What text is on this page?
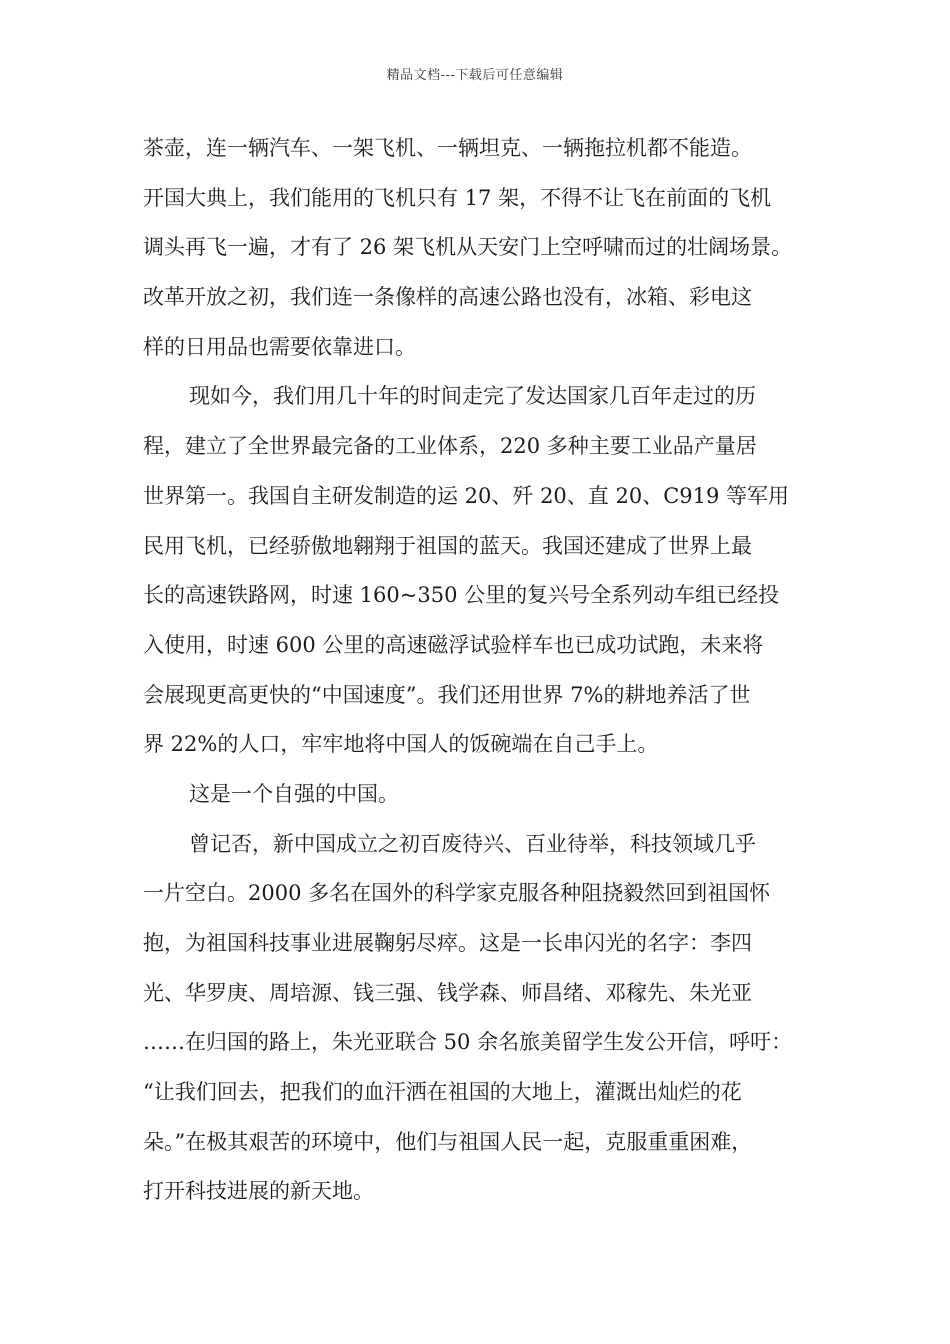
精品文档---下载后可任意编辑
茶壶，连一辆汽车、一架飞机、一辆坦克、一辆拖拉机都不能造。
开国大典上，我们能用的飞机只有 17 架，不得不让飞在前面的飞机
调头再飞一遍，才有了 26 架飞机从天安门上空呼啸而过的壮阔场景。
改革开放之初，我们连一条像样的高速公路也没有，冰箱、彩电这
样的日用品也需要依靠进口。
现如今，我们用几十年的时间走完了发达国家几百年走过的历
程，建立了全世界最完备的工业体系，220 多种主要工业品产量居
世界第一。我国自主研发制造的运 20、歼 20、直 20、C919 等军用
民用飞机，已经骄傲地翱翔于祖国的蓝天。我国还建成了世界上最
长的高速铁路网，时速 160~350 公里的复兴号全系列动车组已经投
入使用，时速 600 公里的高速磁浮试验样车也已成功试跑，未来将
会展现更高更快的“中国速度”。我们还用世界 7%的耕地养活了世
界 22%的人口，牢牢地将中国人的饭碗端在自己手上。
这是一个自强的中国。
曾记否，新中国成立之初百废待兴、百业待举，科技领域几乎
一片空白。2000 多名在国外的科学家克服各种阻挠毅然回到祖国怀
抱，为祖国科技事业进展鞠躬尽瘁。这是一长串闪光的名字：李四
光、华罗庚、周培源、钱三强、钱学森、师昌绪、邓稼先、朱光亚
……在归国的路上，朱光亚联合 50 余名旅美留学生发公开信，呼吁：
“让我们回去，把我们的血汗洒在祖国的大地上，灌溉出灿烂的花
朵。”在极其艰苦的环境中，他们与祖国人民一起，克服重重困难，
打开科技进展的新天地。
